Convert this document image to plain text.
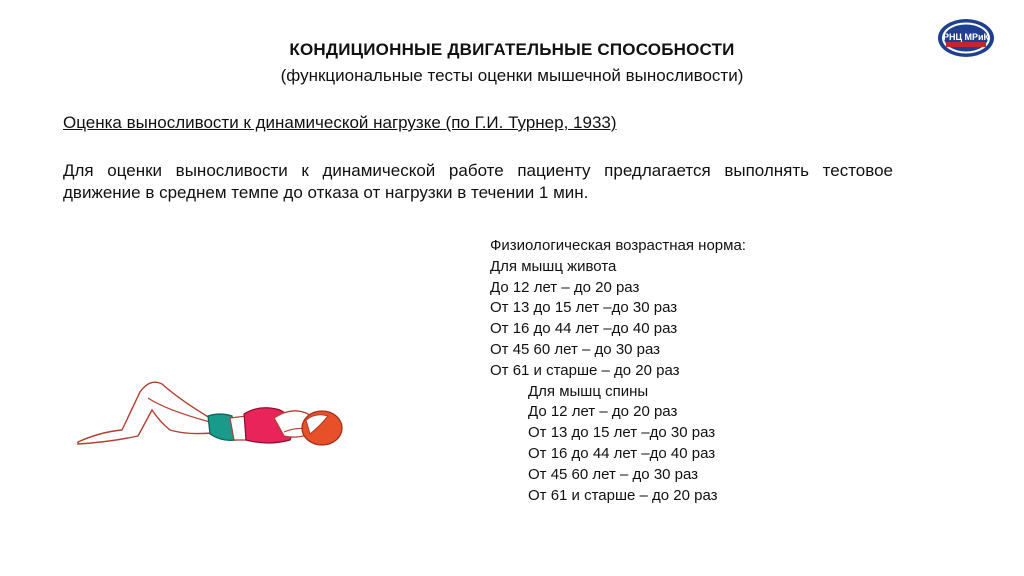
РНЦ МРиК
КОНДИЦИОННЫЕ ДВИГАТЕЛЬНЫЕ СПОСОБНОСТИ
(функциональные тесты оценки мышечной выносливости)
Оценка выносливости к динамической нагрузке (по Г.И. Турнер, 1933)
Для оценки выносливости к динамической работе пациенту предлагается выполнять тестовое движение в среднем темпе до отказа от нагрузки в течении 1 мин.
Физиологическая возрастная норма:
Для мышц живота
До 12 лет – до 20 раз
От 13 до 15 лет –до 30 раз
От 16 до 44 лет –до 40 раз
От 45 60 лет – до 30 раз
От 61 и старше – до 20 раз
Для мышц спины
До 12 лет – до 20 раз
От 13 до 15 лет –до 30 раз
От 16 до 44 лет –до 40 раз
От 45 60 лет – до 30 раз
От 61 и старше – до 20 раз
